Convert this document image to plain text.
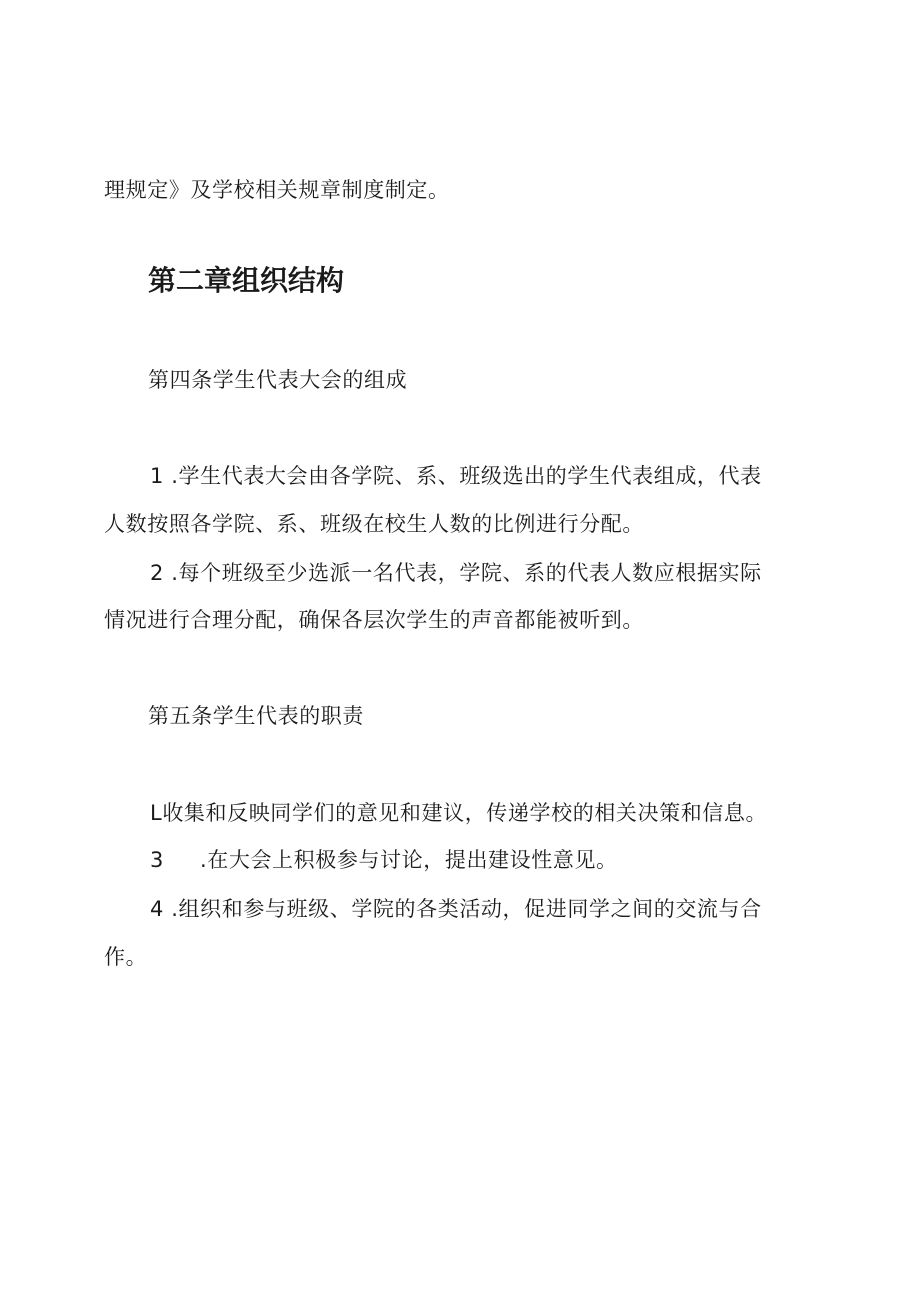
理规定》及学校相关规章制度制定。
第二章组织结构
第四条学生代表大会的组成
1 .学生代表大会由各学院、系、班级选出的学生代表组成，代表
人数按照各学院、系、班级在校生人数的比例进行分配。
2 .每个班级至少选派一名代表，学院、系的代表人数应根据实际
情况进行合理分配，确保各层次学生的声音都能被听到。
第五条学生代表的职责
L收集和反映同学们的意见和建议，传递学校的相关决策和信息。
3 .在大会上积极参与讨论，提出建设性意见。
4 .组织和参与班级、学院的各类活动，促进同学之间的交流与合
作。
